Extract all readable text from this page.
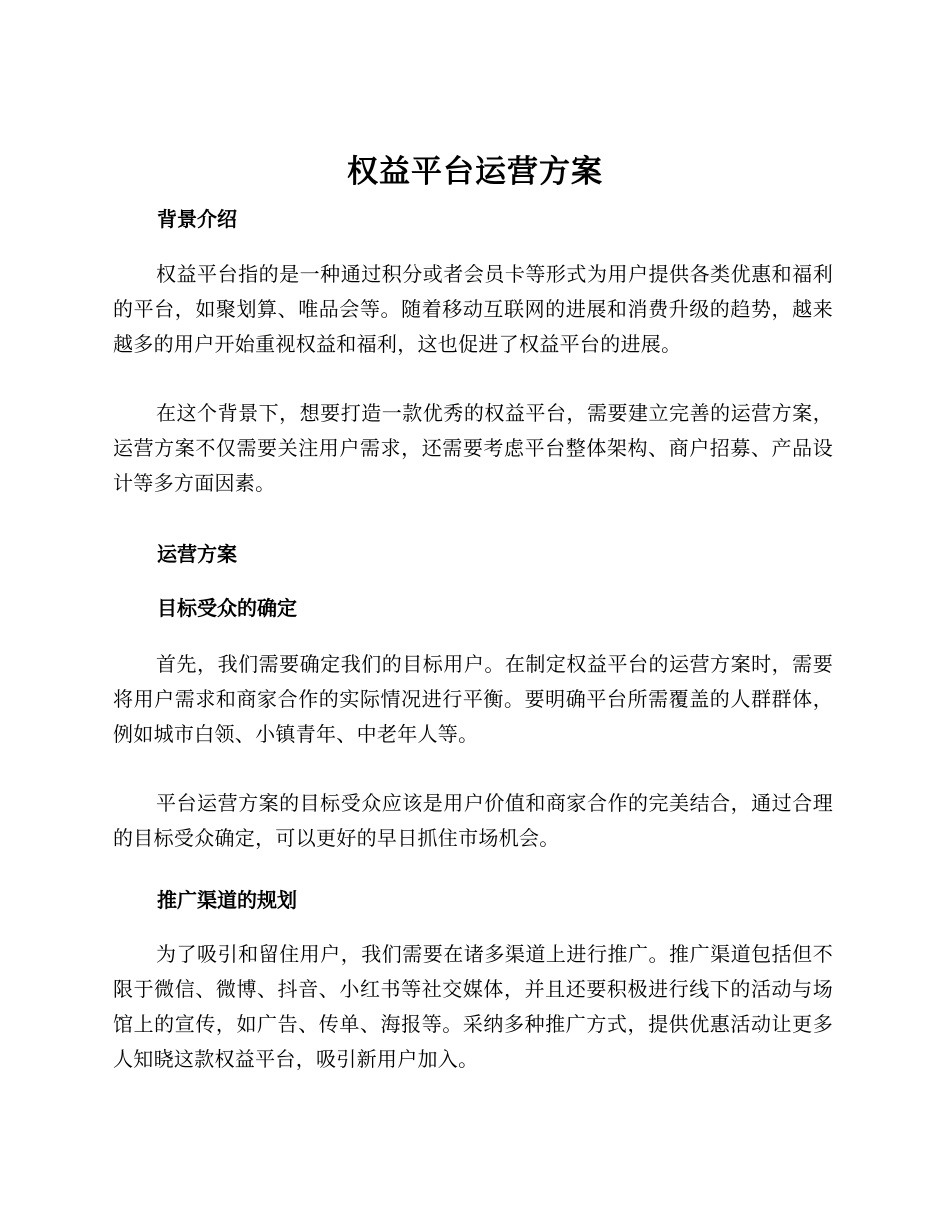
权益平台运营方案
背景介绍
权益平台指的是一种通过积分或者会员卡等形式为用户提供各类优惠和福利的平台，如聚划算、唯品会等。随着移动互联网的进展和消费升级的趋势，越来越多的用户开始重视权益和福利，这也促进了权益平台的进展。
在这个背景下，想要打造一款优秀的权益平台，需要建立完善的运营方案，运营方案不仅需要关注用户需求，还需要考虑平台整体架构、商户招募、产品设计等多方面因素。
运营方案
目标受众的确定
首先，我们需要确定我们的目标用户。在制定权益平台的运营方案时，需要将用户需求和商家合作的实际情况进行平衡。要明确平台所需覆盖的人群群体，例如城市白领、小镇青年、中老年人等。
平台运营方案的目标受众应该是用户价值和商家合作的完美结合，通过合理的目标受众确定，可以更好的早日抓住市场机会。
推广渠道的规划
为了吸引和留住用户，我们需要在诸多渠道上进行推广。推广渠道包括但不限于微信、微博、抖音、小红书等社交媒体，并且还要积极进行线下的活动与场馆上的宣传，如广告、传单、海报等。采纳多种推广方式，提供优惠活动让更多人知晓这款权益平台，吸引新用户加入。
